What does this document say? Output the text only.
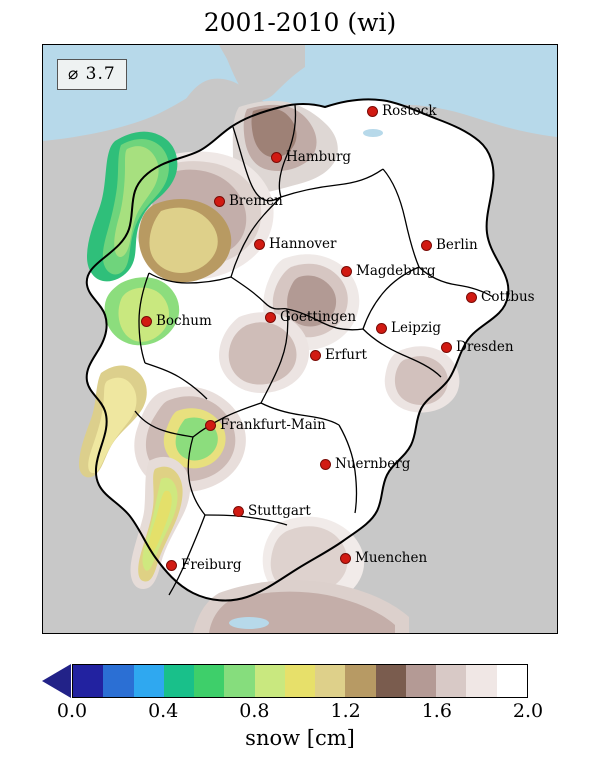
2001-2010 (wi)
⌀ 3.7
Rostock
Hamburg
Bremen
Hannover	Berlin
Magdeburg
Cottbus
Bochum	Goettingen
Leipzig
Dresden
Erfurt
Frankfurt-Main
Nuernberg
Stuttgart
Muenchen
Freiburg
0.0	0.4	0.8	1.2	1.6	2.0
snow [cm]
